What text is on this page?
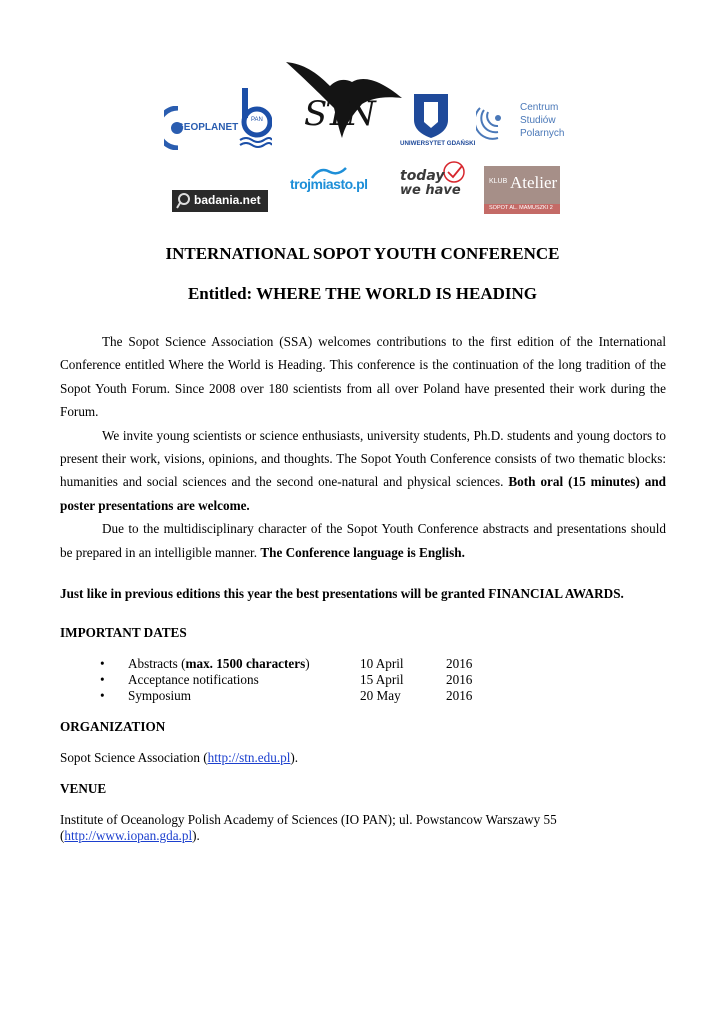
GEOPLANET
PAN STN
UNIWERSYTET GDAŃSKI
Centrum
Studiów
Polarnych
badania.net
trojmiasto.pl today
we have
KLUB Atelier
SOPOT AL. MAMUSZKI 2
INTERNATIONAL SOPOT YOUTH CONFERENCE
Entitled: WHERE THE WORLD IS HEADING

The Sopot Science Association (SSA) welcomes contributions to the first edition of the International Conference entitled Where the World is Heading. This conference is the continuation of the long tradition of the Sopot Youth Forum. Since 2008 over 180 scientists from all over Poland have presented their work during the Forum.

We invite young scientists or science enthusiasts, university students, Ph.D. students and young doctors to present their work, visions, opinions, and thoughts. The Sopot Youth Conference consists of two thematic blocks: humanities and social sciences and the second one-natural and physical sciences. Both oral (15 minutes) and poster presentations are welcome.

Due to the multidisciplinary character of the Sopot Youth Conference abstracts and presentations should be prepared in an intelligible manner. The Conference language is English.

Just like in previous editions this year the best presentations will be granted FINANCIAL AWARDS.
IMPORTANT DATES
• Abstracts (max. 1500 characters)	10 April	2016
• Acceptance notifications	15 April	2016
• Symposium	20 May	2016
ORGANIZATION
Sopot Science Association (http://stn.edu.pl).
VENUE
Institute of Oceanology Polish Academy of Sciences (IO PAN); ul. Powstancow Warszawy 55
(http://www.iopan.gda.pl).
